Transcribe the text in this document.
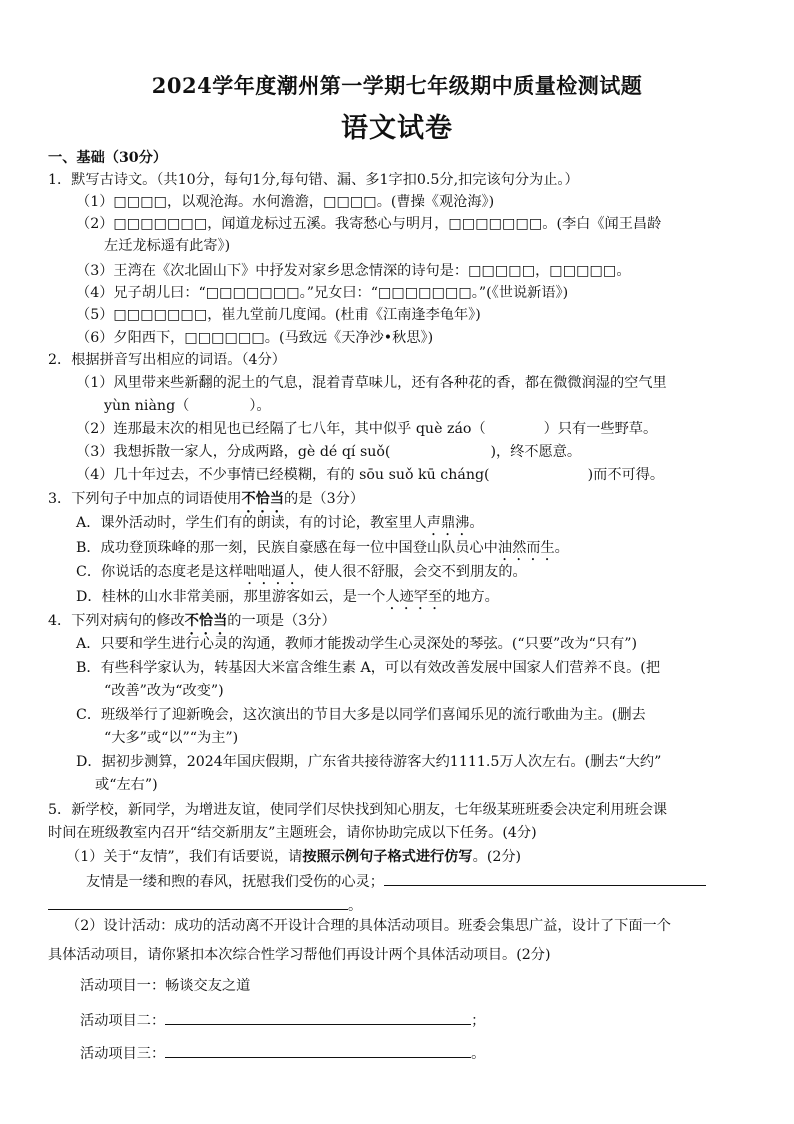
2024学年度潮州第一学期七年级期中质量检测试题
语文试卷
一、基础（30分）
1．默写古诗文。（共10分，每句1分,每句错、漏、多1字扣0.5分,扣完该句分为止。）
（1）□□□□，以观沧海。水何澹澹，□□□□。(曹操《观沧海》)
（2）□□□□□□□，闻道龙标过五溪。我寄愁心与明月，□□□□□□□。(李白《闻王昌龄
左迁龙标遥有此寄》)
（3）王湾在《次北固山下》中抒发对家乡思念情深的诗句是：□□□□□，□□□□□。
（4）兄子胡儿曰：“□□□□□□□。”兄女曰：“□□□□□□□。”(《世说新语》)
（5）□□□□□□□，崔九堂前几度闻。(杜甫《江南逢李龟年》)
（6）夕阳西下，□□□□□□。(马致远《天净沙•秋思》)
2．根据拼音写出相应的词语。（4分）
（1）风里带来些新翻的泥土的气息，混着青草味儿，还有各种花的香，都在微微润湿的空气里
yùn niàng（	）。
（2）连那最末次的相见也已经隔了七八年，其中似乎 què záo（	）只有一些野草。
（3）我想拆散一家人，分成两路，gè dé qí suǒ(	)，终不愿意。
（4）几十年过去，不少事情已经模糊，有的 sōu suǒ kū cháng(	)而不可得。
3．下列句子中加点的词语使用不恰当的是（3分）
A．课外活动时，学生们有的朗读，有的讨论，教室里人声鼎沸。
B．成功登顶珠峰的那一刻，民族自豪感在每一位中国登山队员心中油然而生。
C．你说话的态度老是这样咄咄逼人，使人很不舒服，会交不到朋友的。
D．桂林的山水非常美丽，那里游客如云，是一个人迹罕至的地方。
4．下列对病句的修改不恰当的一项是（3分）
A．只要和学生进行心灵的沟通，教师才能拨动学生心灵深处的琴弦。(“只要”改为“只有”)
B．有些科学家认为，转基因大米富含维生素 A，可以有效改善发展中国家人们营养不良。(把
“改善”改为“改变”)
C．班级举行了迎新晚会，这次演出的节目大多是以同学们喜闻乐见的流行歌曲为主。(删去
“大多”或“以”“为主”)
D．据初步测算，2024年国庆假期，广东省共接待游客大约1111.5万人次左右。(删去“大约”
或“左右”)
5．新学校，新同学，为增进友谊，使同学们尽快找到知心朋友，七年级某班班委会决定利用班会课
时间在班级教室内召开“结交新朋友”主题班会，请你协助完成以下任务。(4分)
（1）关于“友情”，我们有话要说，请按照示例句子格式进行仿写。(2分)
友情是一缕和煦的春风，抚慰我们受伤的心灵；
。
（2）设计活动：成功的活动离不开设计合理的具体活动项目。班委会集思广益，设计了下面一个
具体活动项目，请你紧扣本次综合性学习帮他们再设计两个具体活动项目。(2分)
活动项目一：畅谈交友之道
活动项目二：	；
活动项目三：	。
